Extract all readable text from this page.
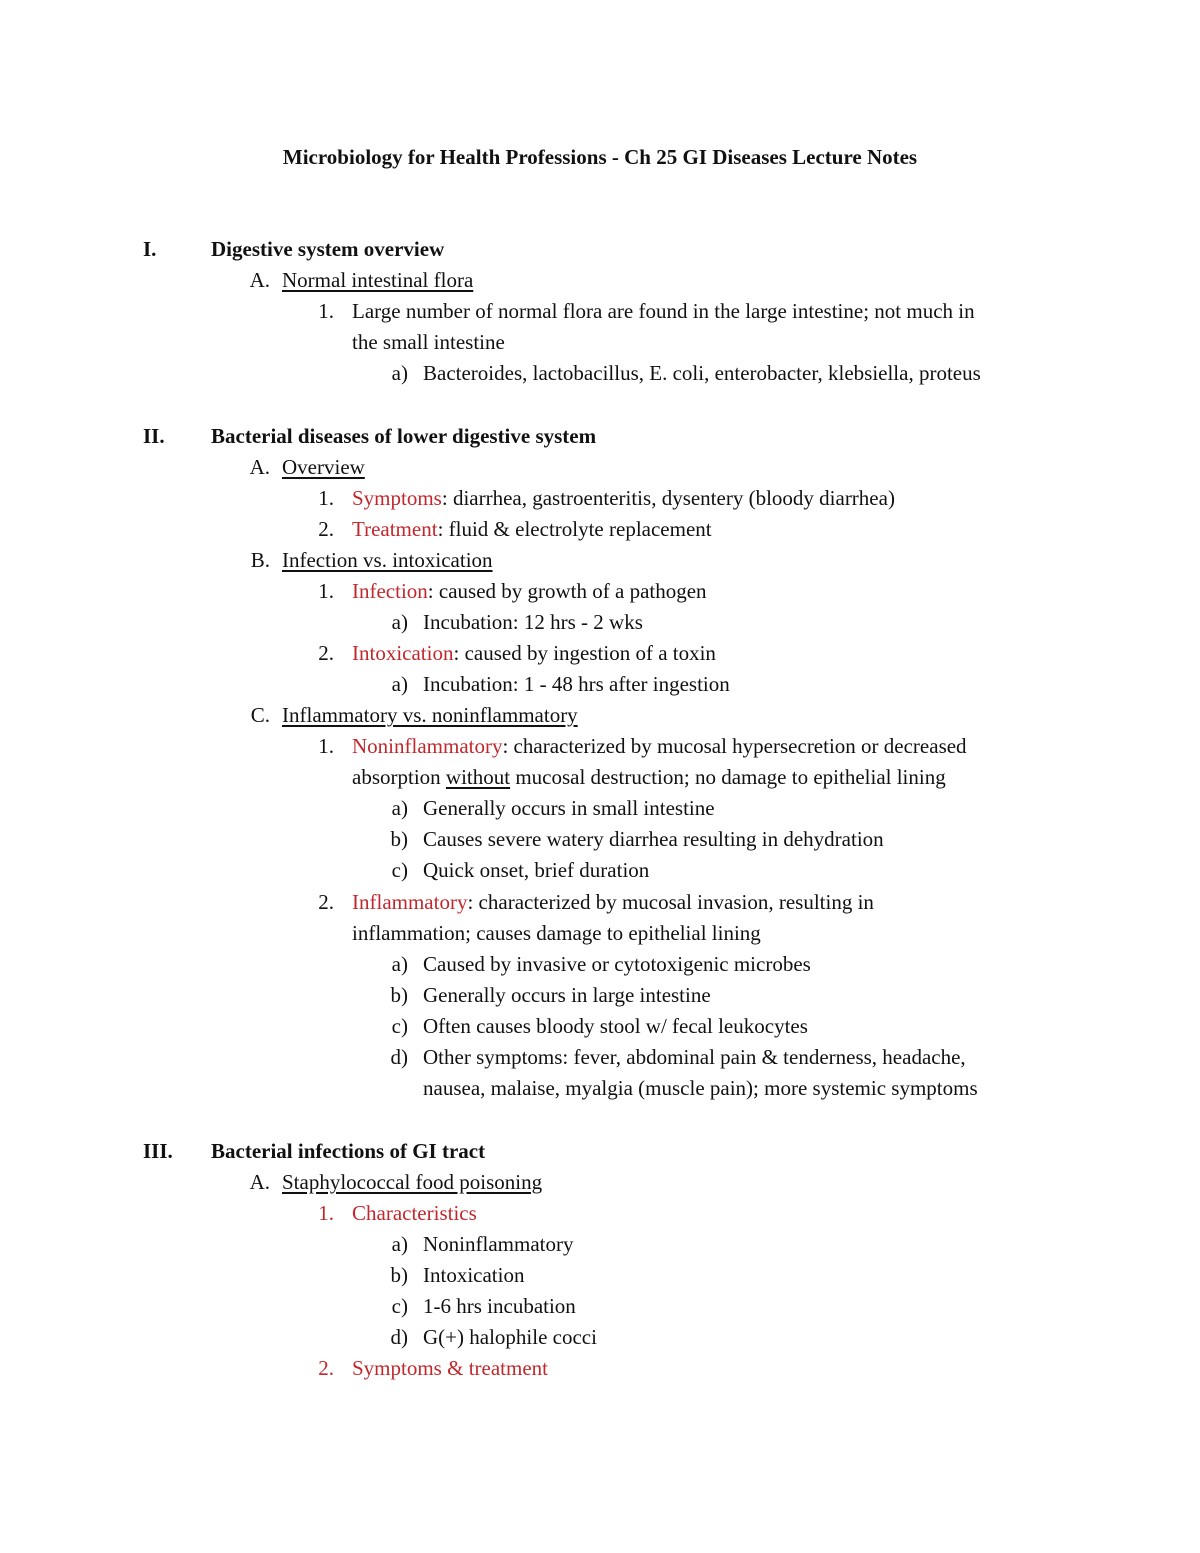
Microbiology for Health Professions - Ch 25 GI Diseases Lecture Notes
I.	Digestive system overview
A. Normal intestinal flora
1. Large number of normal flora are found in the large intestine; not much in
the small intestine
a) Bacteroides, lactobacillus, E. coli, enterobacter, klebsiella, proteus
II.	Bacterial diseases of lower digestive system
A. Overview
1. Symptoms: diarrhea, gastroenteritis, dysentery (bloody diarrhea)
2. Treatment: fluid & electrolyte replacement
B. Infection vs. intoxication
1. Infection: caused by growth of a pathogen
a) Incubation: 12 hrs - 2 wks
2. Intoxication: caused by ingestion of a toxin
a) Incubation: 1 - 48 hrs after ingestion
C. Inflammatory vs. noninflammatory
1. Noninflammatory: characterized by mucosal hypersecretion or decreased
absorption without mucosal destruction; no damage to epithelial lining
a) Generally occurs in small intestine
b) Causes severe watery diarrhea resulting in dehydration
c) Quick onset, brief duration
2. Inflammatory: characterized by mucosal invasion, resulting in
inflammation; causes damage to epithelial lining
a) Caused by invasive or cytotoxigenic microbes
b) Generally occurs in large intestine
c) Often causes bloody stool w/ fecal leukocytes
d) Other symptoms: fever, abdominal pain & tenderness, headache,
nausea, malaise, myalgia (muscle pain); more systemic symptoms
III.	Bacterial infections of GI tract
A. Staphylococcal food poisoning
1. Characteristics
a) Noninflammatory
b) Intoxication
c) 1-6 hrs incubation
d) G(+) halophile cocci
2. Symptoms & treatment
